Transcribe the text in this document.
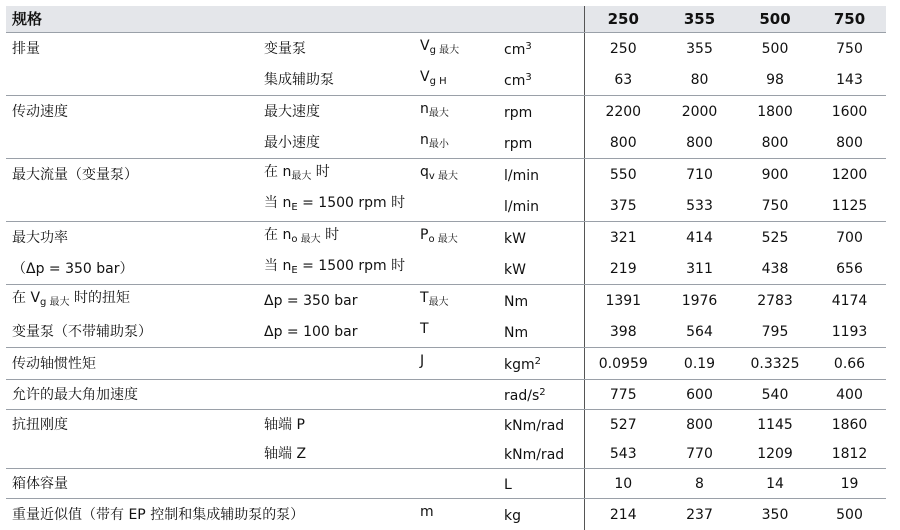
规格				250	355	500	750
排量	变量泵	$V_{g 最大}$	$cm^3$	250	355	500	750
	集成辅助泵	$V_{g H}$	$cm^3$	63	80	98	143
传动速度	最大速度	$n_{最大}$	rpm	2200	2000	1800	1600
	最小速度	$n_{最小}$	rpm	800	800	800	800
最大流量（变量泵）	在 $n_{最大}$ 时	$q_{v 最大}$	l/min	550	710	900	1200
	当 $n_E = 1500$ rpm 时		l/min	375	533	750	1125
最大功率	在 $n_{o 最大}$ 时	$P_{o 最大}$	kW	321	414	525	700
（Δp = 350 bar）	当 $n_E = 1500$ rpm 时		kW	219	311	438	656
在 $V_{g 最大}$ 时的扭矩	Δp = 350 bar	$T_{最大}$	Nm	1391	1976	2783	4174
变量泵（不带辅助泵）	Δp = 100 bar	T	Nm	398	564	795	1193
传动轴惯性矩		J	kgm$^2$	0.0959	0.19	0.3325	0.66
允许的最大角加速度			rad/$s^2$	775	600	540	400
抗扭刚度	轴端 P		kNm/rad	527	800	1145	1860
	轴端 Z		kNm/rad	543	770	1209	1812
箱体容量			L	10	8	14	19
重量近似值（带有 EP 控制和集成辅助泵的泵）		m	kg	214	237	350	500
